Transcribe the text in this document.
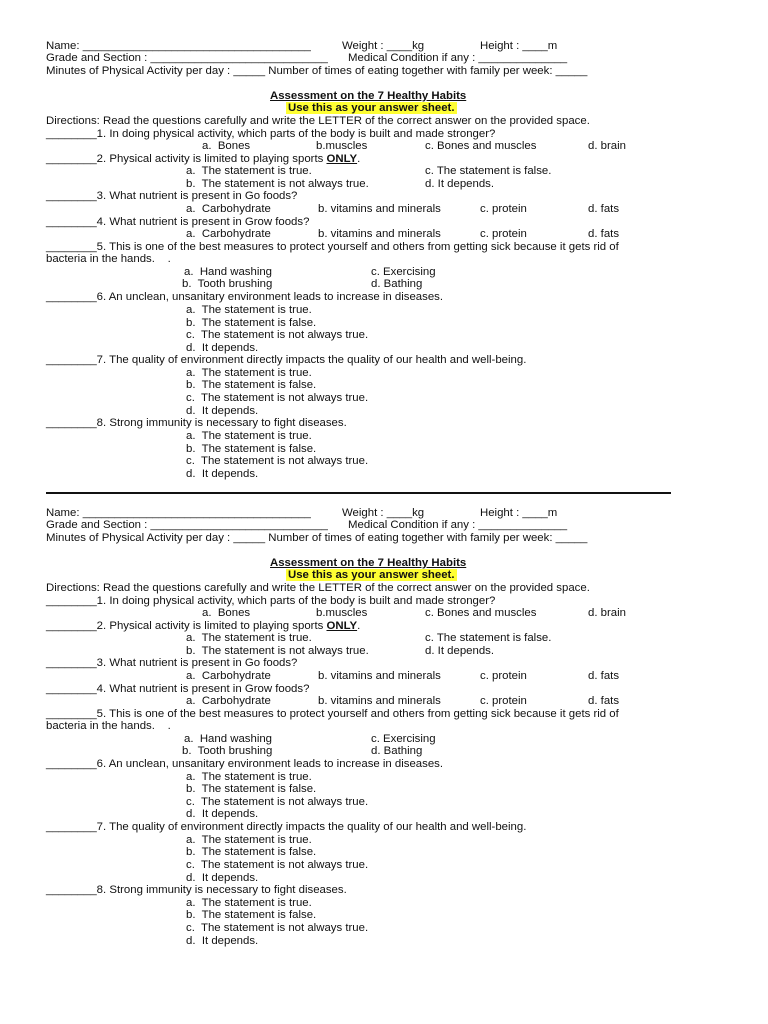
Name: ____________________________________	Weight : ____kg	Height : ____m
Grade and Section : ____________________________ Medical Condition if any : ______________
Minutes of Physical Activity per day : _____ Number of times of eating together with family per week: _____
Assessment on the 7 Healthy Habits
Use this as your answer sheet.
Directions: Read the questions carefully and write the LETTER of the correct answer on the provided space.
________1. In doing physical activity, which parts of the body is built and made stronger?
a.  Bones	b.muscles	c. Bones and muscles	d. brain
________2. Physical activity is limited to playing sports ONLY.
a.  The statement is true.	c. The statement is false.
b.  The statement is not always true.	d. It depends.
________3. What nutrient is present in Go foods?
a.  Carbohydrate	b. vitamins and minerals	c. protein	d. fats
________4. What nutrient is present in Grow foods?
a.  Carbohydrate	b. vitamins and minerals	c. protein	d. fats
________5. This is one of the best measures to protect yourself and others from getting sick because it gets rid of
bacteria in the hands.    .
a.  Hand washing	c. Exercising
b.  Tooth brushing	d. Bathing
________6. An unclean, unsanitary environment leads to increase in diseases.
a.  The statement is true.
b.  The statement is false.
c.  The statement is not always true.
d.  It depends.
________7. The quality of environment directly impacts the quality of our health and well-being.
a.  The statement is true.
b.  The statement is false.
c.  The statement is not always true.
d.  It depends.
________8. Strong immunity is necessary to fight diseases.
a.  The statement is true.
b.  The statement is false.
c.  The statement is not always true.
d.  It depends.
Name: ____________________________________	Weight : ____kg	Height : ____m
Grade and Section : ____________________________ Medical Condition if any : ______________
Minutes of Physical Activity per day : _____ Number of times of eating together with family per week: _____
Assessment on the 7 Healthy Habits
Use this as your answer sheet.
Directions: Read the questions carefully and write the LETTER of the correct answer on the provided space.
________1. In doing physical activity, which parts of the body is built and made stronger?
a.  Bones	b.muscles	c. Bones and muscles	d. brain
________2. Physical activity is limited to playing sports ONLY.
a.  The statement is true.	c. The statement is false.
b.  The statement is not always true.	d. It depends.
________3. What nutrient is present in Go foods?
a.  Carbohydrate	b. vitamins and minerals	c. protein	d. fats
________4. What nutrient is present in Grow foods?
a.  Carbohydrate	b. vitamins and minerals	c. protein	d. fats
________5. This is one of the best measures to protect yourself and others from getting sick because it gets rid of
bacteria in the hands.    .
a.  Hand washing	c. Exercising
b.  Tooth brushing	d. Bathing
________6. An unclean, unsanitary environment leads to increase in diseases.
a.  The statement is true.
b.  The statement is false.
c.  The statement is not always true.
d.  It depends.
________7. The quality of environment directly impacts the quality of our health and well-being.
a.  The statement is true.
b.  The statement is false.
c.  The statement is not always true.
d.  It depends.
________8. Strong immunity is necessary to fight diseases.
a.  The statement is true.
b.  The statement is false.
c.  The statement is not always true.
d.  It depends.
